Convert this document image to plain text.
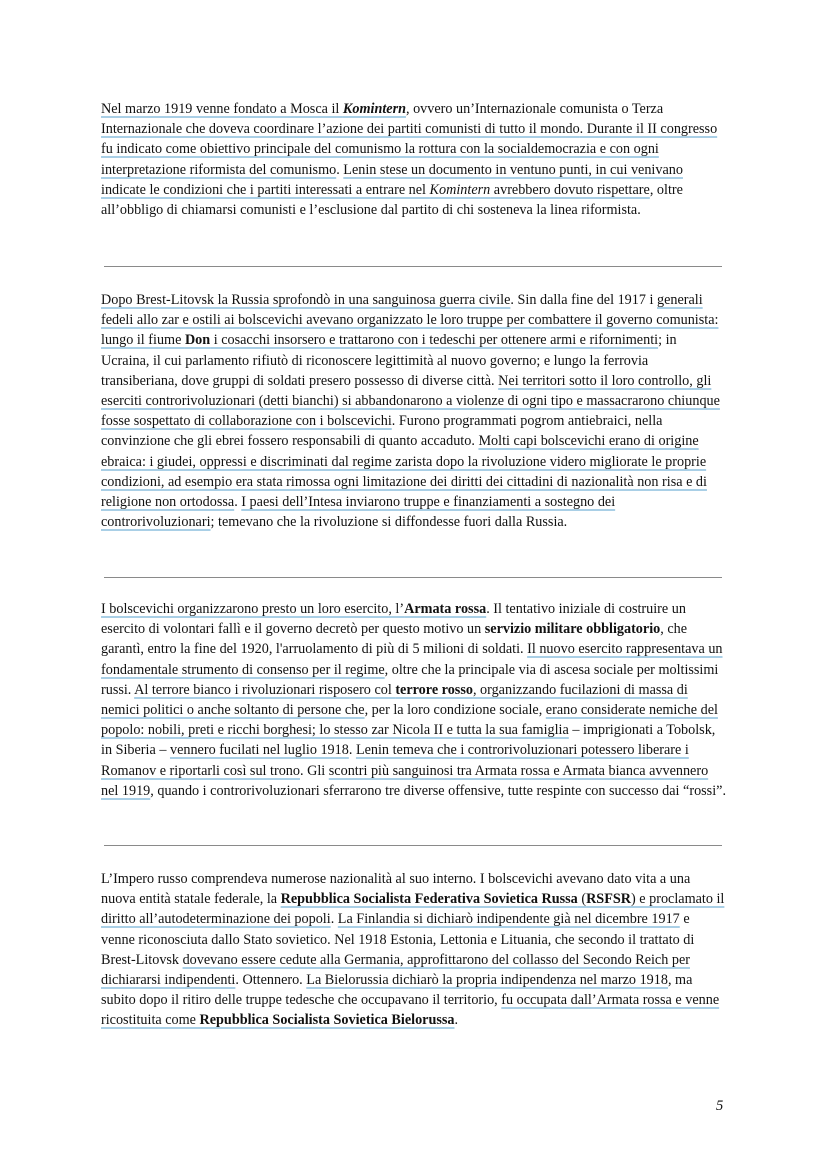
Nel marzo 1919 venne fondato a Mosca il Komintern, ovvero un’Internazionale comunista o Terza Internazionale che doveva coordinare l’azione dei partiti comunisti di tutto il mondo. Durante il II congresso fu indicato come obiettivo principale del comunismo la rottura con la socialdemocrazia e con ogni interpretazione riformista del comunismo. Lenin stese un documento in ventuno punti, in cui venivano indicate le condizioni che i partiti interessati a entrare nel Komintern avrebbero dovuto rispettare, oltre all’obbligo di chiamarsi comunisti e l’esclusione dal partito di chi sosteneva la linea riformista.

Dopo Brest-Litovsk la Russia sprofondò in una sanguinosa guerra civile. Sin dalla fine del 1917 i generali fedeli allo zar e ostili ai bolscevichi avevano organizzato le loro truppe per combattere il governo comunista: lungo il fiume Don i cosacchi insorsero e trattarono con i tedeschi per ottenere armi e rifornimenti; in Ucraina, il cui parlamento rifiutò di riconoscere legittimità al nuovo governo; e lungo la ferrovia transiberiana, dove gruppi di soldati presero possesso di diverse città. Nei territori sotto il loro controllo, gli eserciti controrivoluzionari (detti bianchi) si abbandonarono a violenze di ogni tipo e massacrarono chiunque fosse sospettato di collaborazione con i bolscevichi. Furono programmati pogrom antiebraici, nella convinzione che gli ebrei fossero responsabili di quanto accaduto. Molti capi bolscevichi erano di origine ebraica: i giudei, oppressi e discriminati dal regime zarista dopo la rivoluzione videro migliorate le proprie condizioni, ad esempio era stata rimossa ogni limitazione dei diritti dei cittadini di nazionalità non risa e di religione non ortodossa. I paesi dell’Intesa inviarono truppe e finanziamenti a sostegno dei controrivoluzionari; temevano che la rivoluzione si diffondesse fuori dalla Russia.

I bolscevichi organizzarono presto un loro esercito, l’Armata rossa. Il tentativo iniziale di costruire un esercito di volontari fallì e il governo decretò per questo motivo un servizio militare obbligatorio, che garantì, entro la fine del 1920, l'arruolamento di più di 5 milioni di soldati. Il nuovo esercito rappresentava un fondamentale strumento di consenso per il regime, oltre che la principale via di ascesa sociale per moltissimi russi. Al terrore bianco i rivoluzionari risposero col terrore rosso, organizzando fucilazioni di massa di nemici politici o anche soltanto di persone che, per la loro condizione sociale, erano considerate nemiche del popolo: nobili, preti e ricchi borghesi; lo stesso zar Nicola II e tutta la sua famiglia – imprigionati a Tobolsk, in Siberia – vennero fucilati nel luglio 1918. Lenin temeva che i controrivoluzionari potessero liberare i Romanov e riportarli così sul trono. Gli scontri più sanguinosi tra Armata rossa e Armata bianca avvennero nel 1919, quando i controrivoluzionari sferrarono tre diverse offensive, tutte respinte con successo dai “rossi”.

L’Impero russo comprendeva numerose nazionalità al suo interno. I bolscevichi avevano dato vita a una nuova entità statale federale, la Repubblica Socialista Federativa Sovietica Russa (RSFSR) e proclamato il diritto all’autodeterminazione dei popoli. La Finlandia si dichiarò indipendente già nel dicembre 1917 e venne riconosciuta dallo Stato sovietico. Nel 1918 Estonia, Lettonia e Lituania, che secondo il trattato di Brest-Litovsk dovevano essere cedute alla Germania, approfittarono del collasso del Secondo Reich per dichiararsi indipendenti. Ottennero. La Bielorussia dichiarò la propria indipendenza nel marzo 1918, ma subito dopo il ritiro delle truppe tedesche che occupavano il territorio, fu occupata dall’Armata rossa e venne ricostituita come Repubblica Socialista Sovietica Bielorussa.

5
